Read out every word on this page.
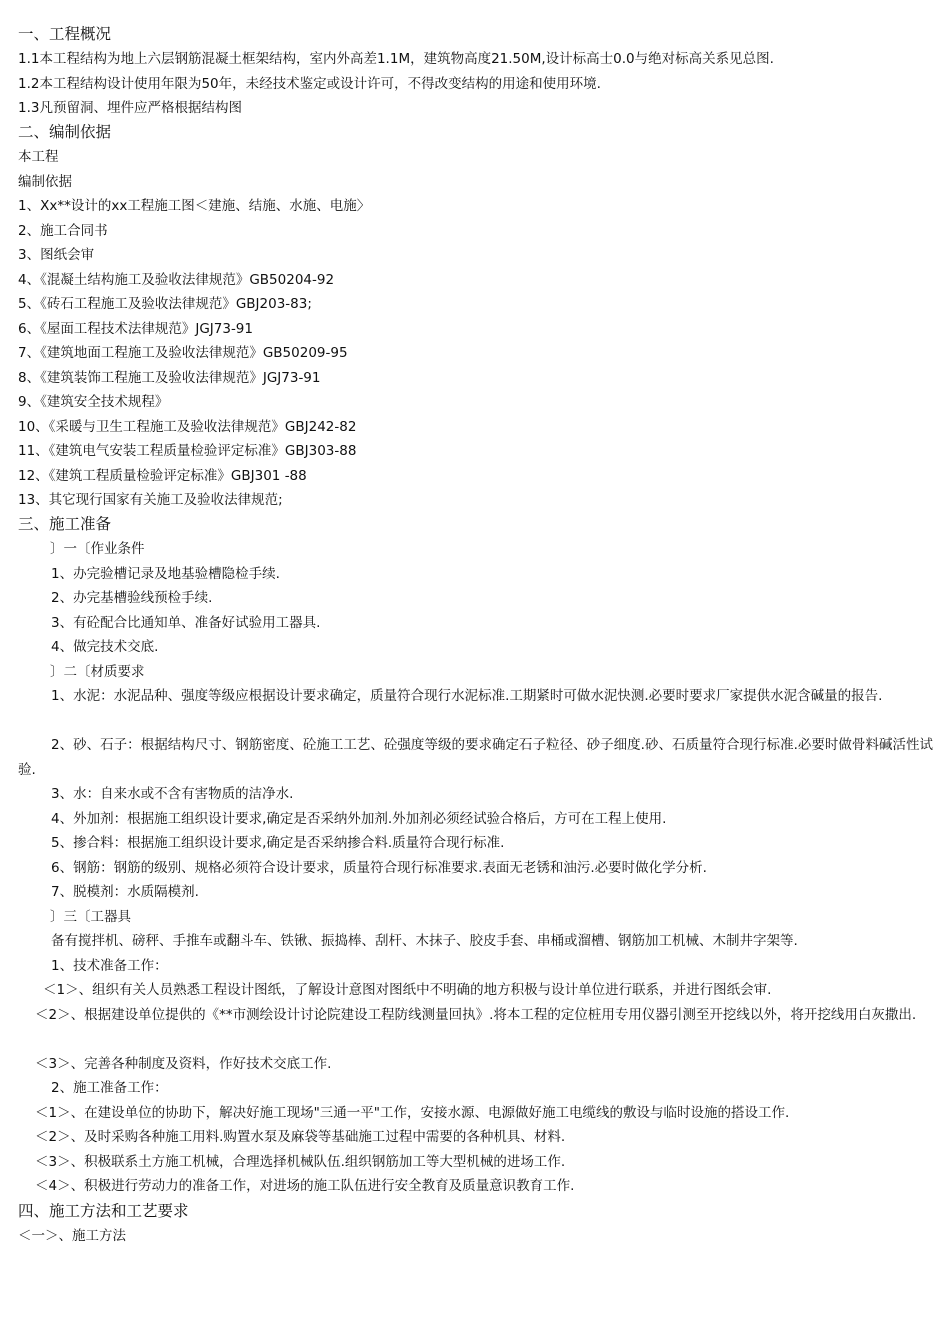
一、工程概况
1.1本工程结构为地上六层钢筋混凝土框架结构，室内外高差1.1M，建筑物高度21.50M,设计标高士0.0与绝对标高关系见总图.
1.2本工程结构设计使用年限为50年，未经技术鉴定或设计许可，不得改变结构的用途和使用环境.
1.3凡预留洞、埋件应严格根据结构图
二、编制依据
本工程
编制依据
1、Xx**设计的xx工程施工图＜建施、结施、水施、电施〉
2、施工合同书
3、图纸会审
4、《混凝土结构施工及验收法律规范》GB50204-92
5、《砖石工程施工及验收法律规范》GBJ203-83;
6、《屋面工程技术法律规范》JGJ73-91
7、《建筑地面工程施工及验收法律规范》GB50209-95
8、《建筑装饰工程施工及验收法律规范》JGJ73-91
9、《建筑安全技术规程》
10、《采暖与卫生工程施工及验收法律规范》GBJ242-82
11、《建筑电气安装工程质量检验评定标准》GBJ303-88
12、《建筑工程质量检验评定标准》GBJ301 -88
13、其它现行国家有关施工及验收法律规范;
三、施工准备
〕一〔作业条件
1、办完验槽记录及地基验槽隐检手续.
2、办完基槽验线预检手续.
3、有砼配合比通知单、准备好试验用工器具.
4、做完技术交底.
〕二〔材质要求
1、水泥：水泥品种、强度等级应根据设计要求确定，质量符合现行水泥标准.工期紧时可做水泥快测.必要时要求厂家提供水泥含碱量的报告.
2、砂、石子：根据结构尺寸、钢筋密度、砼施工工艺、砼强度等级的要求确定石子粒径、砂子细度.砂、石质量符合现行标准.必要时做骨料碱活性试验.
3、水：自来水或不含有害物质的洁净水.
4、外加剂：根据施工组织设计要求,确定是否采纳外加剂.外加剂必须经试验合格后，方可在工程上使用.
5、掺合料：根据施工组织设计要求,确定是否采纳掺合料.质量符合现行标准.
6、钢筋：钢筋的级别、规格必须符合设计要求，质量符合现行标准要求.表面无老锈和油污.必要时做化学分析.
7、脱模剂：水质隔模剂.
〕三〔工器具
备有搅拌机、磅秤、手推车或翻斗车、铁锹、振捣棒、刮杆、木抹子、胶皮手套、串桶或溜槽、钢筋加工机械、木制井字架等.
1、技术准备工作：
＜1＞、组织有关人员熟悉工程设计图纸，了解设计意图对图纸中不明确的地方积极与设计单位进行联系，并进行图纸会审.
＜2＞、根据建设单位提供的《**市测绘设计讨论院建设工程防线测量回执》.将本工程的定位桩用专用仪器引测至开挖线以外，将开挖线用白灰撒出.
＜3＞、完善各种制度及资料，作好技术交底工作.
2、施工准备工作：
＜1＞、在建设单位的协助下，解决好施工现场"三通一平"工作，安接水源、电源做好施工电缆线的敷设与临时设施的搭设工作.
＜2＞、及时采购各种施工用料.购置水泵及麻袋等基础施工过程中需要的各种机具、材料.
＜3＞、积极联系土方施工机械，合理选择机械队伍.组织钢筋加工等大型机械的进场工作.
＜4＞、积极进行劳动力的准备工作，对进场的施工队伍进行安全教育及质量意识教育工作.
四、施工方法和工艺要求
＜一＞、施工方法
